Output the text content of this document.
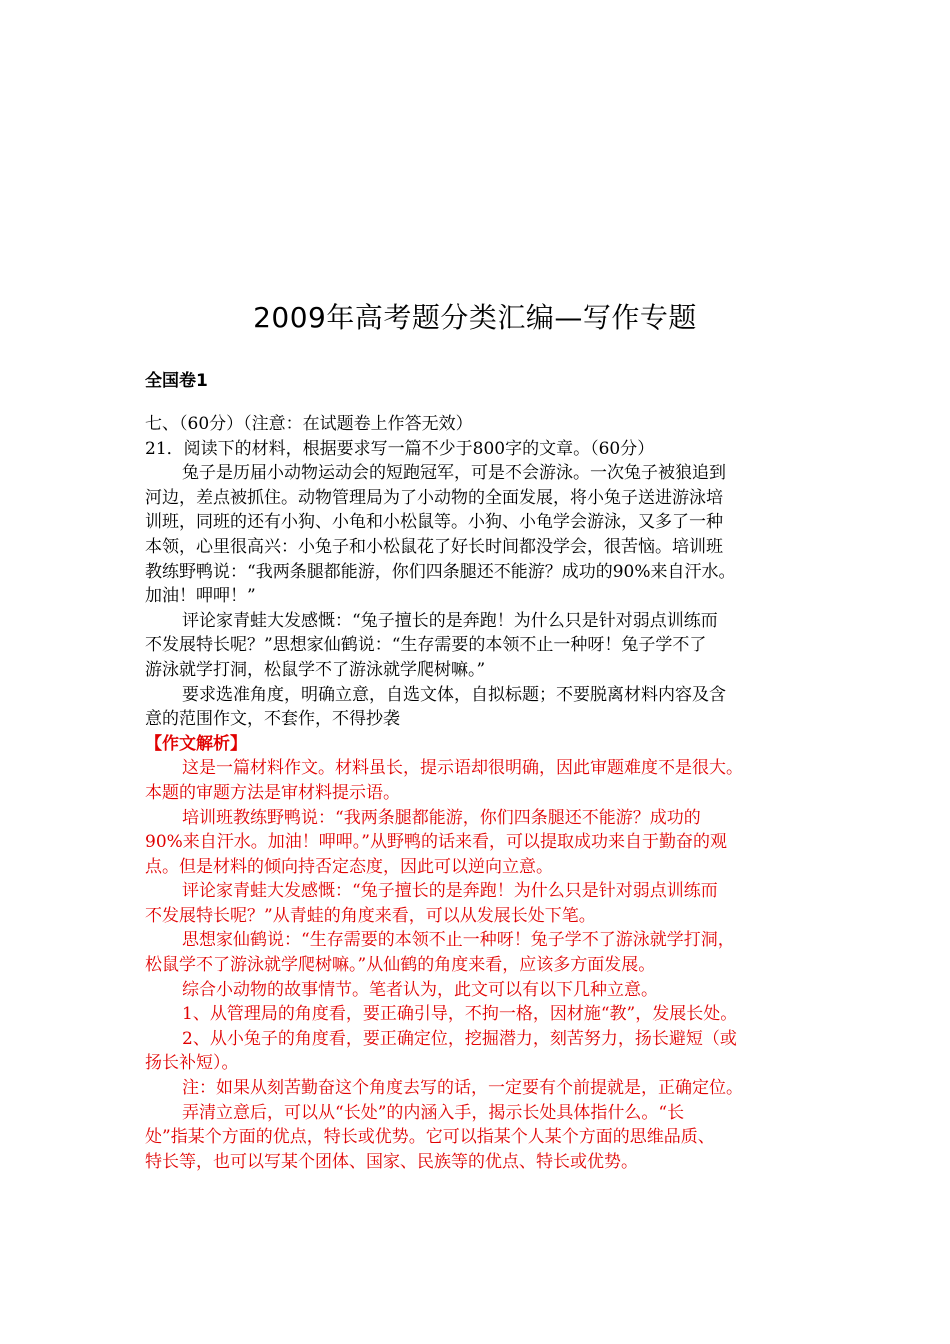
2009年高考题分类汇编—写作专题
全国卷1
七、（60分）（注意：在试题卷上作答无效）
21．阅读下的材料，根据要求写一篇不少于800字的文章。（60分）
兔子是历届小动物运动会的短跑冠军，可是不会游泳。一次兔子被狼追到
河边，差点被抓住。动物管理局为了小动物的全面发展，将小兔子送进游泳培
训班，同班的还有小狗、小龟和小松鼠等。小狗、小龟学会游泳，又多了一种
本领，心里很高兴：小兔子和小松鼠花了好长时间都没学会，很苦恼。培训班
教练野鸭说：“我两条腿都能游，你们四条腿还不能游？成功的90%来自汗水。
加油！呷呷！”
评论家青蛙大发感慨：“兔子擅长的是奔跑！为什么只是针对弱点训练而
不发展特长呢？”思想家仙鹤说：“生存需要的本领不止一种呀！兔子学不了
游泳就学打洞，松鼠学不了游泳就学爬树嘛。”
要求选准角度，明确立意，自选文体，自拟标题；不要脱离材料内容及含
意的范围作文，不套作，不得抄袭
【作文解析】
这是一篇材料作文。材料虽长，提示语却很明确，因此审题难度不是很大。
本题的审题方法是审材料提示语。
培训班教练野鸭说：“我两条腿都能游，你们四条腿还不能游？成功的
90%来自汗水。加油！呷呷。”从野鸭的话来看，可以提取成功来自于勤奋的观
点。但是材料的倾向持否定态度，因此可以逆向立意。
评论家青蛙大发感慨：“兔子擅长的是奔跑！为什么只是针对弱点训练而
不发展特长呢？”从青蛙的角度来看，可以从发展长处下笔。
思想家仙鹤说：“生存需要的本领不止一种呀！兔子学不了游泳就学打洞，
松鼠学不了游泳就学爬树嘛。”从仙鹤的角度来看，应该多方面发展。
综合小动物的故事情节。笔者认为，此文可以有以下几种立意。
1、从管理局的角度看，要正确引导，不拘一格，因材施“教”，发展长处。
2、从小兔子的角度看，要正确定位，挖掘潜力，刻苦努力，扬长避短（或
扬长补短）。
注：如果从刻苦勤奋这个角度去写的话，一定要有个前提就是，正确定位。
弄清立意后，可以从“长处”的内涵入手，揭示长处具体指什么。“长
处”指某个方面的优点，特长或优势。它可以指某个人某个方面的思维品质、
特长等，也可以写某个团体、国家、民族等的优点、特长或优势。
